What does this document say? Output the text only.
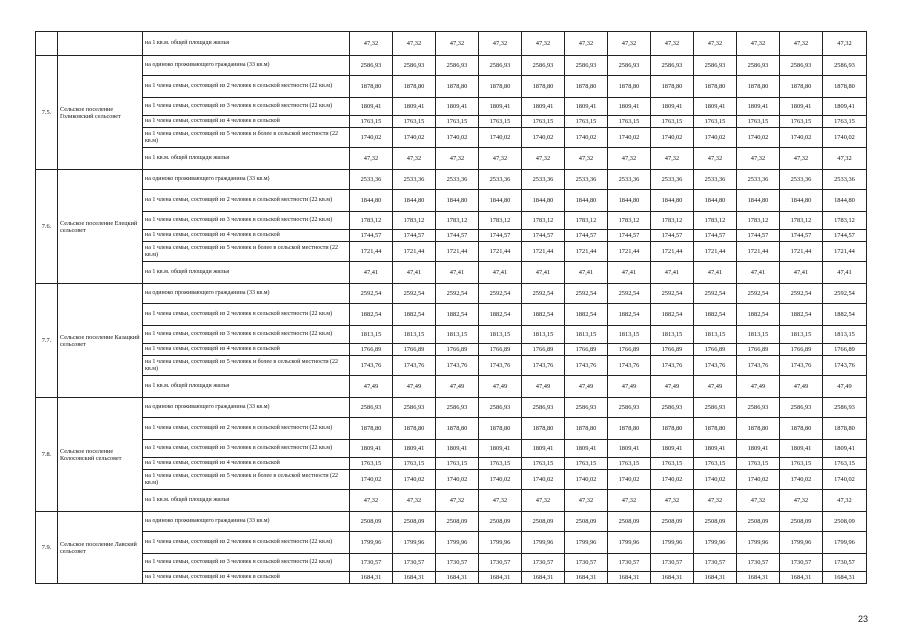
		на 1 кв.м. общей площади жилья	47,32	47,32	47,32	47,32	47,32	47,32	47,32	47,32	47,32	47,32	47,32	47,32
7.5.	Сельское поселение Голиковский сельсовет	на одиноко проживающего гражданина (33 кв.м)	2586,93	2586,93	2586,93	2586,93	2586,93	2586,93	2586,93	2586,93	2586,93	2586,93	2586,93	2586,93
		на 1 члена семьи, состоящей из 2 человек в сельской местности (22 кв.м)	1878,80	1878,80	1878,80	1878,80	1878,80	1878,80	1878,80	1878,80	1878,80	1878,80	1878,80	1878,80
		на 1 члена семьи, состоящей из 3 человек в сельской местности (22 кв.м)	1809,41	1809,41	1809,41	1809,41	1809,41	1809,41	1809,41	1809,41	1809,41	1809,41	1809,41	1809,41
		на 1 члена семьи, состоящей из 4 человек в сельской	1763,15	1763,15	1763,15	1763,15	1763,15	1763,15	1763,15	1763,15	1763,15	1763,15	1763,15	1763,15
		на 1 члена семьи, состоящей из 5 человек и более в сельской местности (22 кв.м)	1740,02	1740,02	1740,02	1740,02	1740,02	1740,02	1740,02	1740,02	1740,02	1740,02	1740,02	1740,02
		на 1 кв.м. общей площади жилья	47,32	47,32	47,32	47,32	47,32	47,32	47,32	47,32	47,32	47,32	47,32	47,32
7.6.	Сельское поселение Елецкий сельсовет	на одиноко проживающего гражданина (33 кв.м)	2533,36	2533,36	2533,36	2533,36	2533,36	2533,36	2533,36	2533,36	2533,36	2533,36	2533,36	2533,36
		на 1 члена семьи, состоящей из 2 человек в сельской местности (22 кв.м)	1844,80	1844,80	1844,80	1844,80	1844,80	1844,80	1844,80	1844,80	1844,80	1844,80	1844,80	1844,80
		на 1 члена семьи, состоящей из 3 человек в сельской местности (22 кв.м)	1783,12	1783,12	1783,12	1783,12	1783,12	1783,12	1783,12	1783,12	1783,12	1783,12	1783,12	1783,12
		на 1 члена семьи, состоящей из 4 человек в сельской	1744,57	1744,57	1744,57	1744,57	1744,57	1744,57	1744,57	1744,57	1744,57	1744,57	1744,57	1744,57
		на 1 члена семьи, состоящей из 5 человек и более в сельской местности (22 кв.м)	1721,44	1721,44	1721,44	1721,44	1721,44	1721,44	1721,44	1721,44	1721,44	1721,44	1721,44	1721,44
		на 1 кв.м. общей площади жилья	47,41	47,41	47,41	47,41	47,41	47,41	47,41	47,41	47,41	47,41	47,41	47,41
7.7.	Сельское поселение Казацкий сельсовет	на одиноко проживающего гражданина (33 кв.м)	2592,54	2592,54	2592,54	2592,54	2592,54	2592,54	2592,54	2592,54	2592,54	2592,54	2592,54	2592,54
		на 1 члена семьи, состоящей из 2 человек в сельской местности (22 кв.м)	1882,54	1882,54	1882,54	1882,54	1882,54	1882,54	1882,54	1882,54	1882,54	1882,54	1882,54	1882,54
		на 1 члена семьи, состоящей из 3 человек в сельской местности (22 кв.м)	1813,15	1813,15	1813,15	1813,15	1813,15	1813,15	1813,15	1813,15	1813,15	1813,15	1813,15	1813,15
		на 1 члена семьи, состоящей из 4 человек в сельской	1766,89	1766,89	1766,89	1766,89	1766,89	1766,89	1766,89	1766,89	1766,89	1766,89	1766,89	1766,89
		на 1 члена семьи, состоящей из 5 человек и более в сельской местности (22 кв.м)	1743,76	1743,76	1743,76	1743,76	1743,76	1743,76	1743,76	1743,76	1743,76	1743,76	1743,76	1743,76
		на 1 кв.м. общей площади жилья	47,49	47,49	47,49	47,49	47,49	47,49	47,49	47,49	47,49	47,49	47,49	47,49
7.8.	Сельское поселение Колосовский сельсовет	на одиноко проживающего гражданина (33 кв.м)	2586,93	2586,93	2586,93	2586,93	2586,93	2586,93	2586,93	2586,93	2586,93	2586,93	2586,93	2586,93
		на 1 члена семьи, состоящей из 2 человек в сельской местности (22 кв.м)	1878,80	1878,80	1878,80	1878,80	1878,80	1878,80	1878,80	1878,80	1878,80	1878,80	1878,80	1878,80
		на 1 члена семьи, состоящей из 3 человек в сельской местности (22 кв.м)	1809,41	1809,41	1809,41	1809,41	1809,41	1809,41	1809,41	1809,41	1809,41	1809,41	1809,41	1809,41
		на 1 члена семьи, состоящей из 4 человек в сельской	1763,15	1763,15	1763,15	1763,15	1763,15	1763,15	1763,15	1763,15	1763,15	1763,15	1763,15	1763,15
		на 1 члена семьи, состоящей из 5 человек и более в сельской местности (22 кв.м)	1740,02	1740,02	1740,02	1740,02	1740,02	1740,02	1740,02	1740,02	1740,02	1740,02	1740,02	1740,02
		на 1 кв.м. общей площади жилья	47,32	47,32	47,32	47,32	47,32	47,32	47,32	47,32	47,32	47,32	47,32	47,32
7.9.	Сельское поселение Лавский сельсовет	на одиноко проживающего гражданина (33 кв.м)	2508,09	2508,09	2508,09	2508,09	2508,09	2508,09	2508,09	2508,09	2508,09	2508,09	2508,09	2508,09
		на 1 члена семьи, состоящей из 2 человек в сельской местности (22 кв.м)	1799,96	1799,96	1799,96	1799,96	1799,96	1799,96	1799,96	1799,96	1799,96	1799,96	1799,96	1799,96
		на 1 члена семьи, состоящей из 3 человек в сельской местности (22 кв.м)	1730,57	1730,57	1730,57	1730,57	1730,57	1730,57	1730,57	1730,57	1730,57	1730,57	1730,57	1730,57
		на 1 члена семьи, состоящей из 4 человек в сельской	1684,31	1684,31	1684,31	1684,31	1684,31	1684,31	1684,31	1684,31	1684,31	1684,31	1684,31	1684,31
23
